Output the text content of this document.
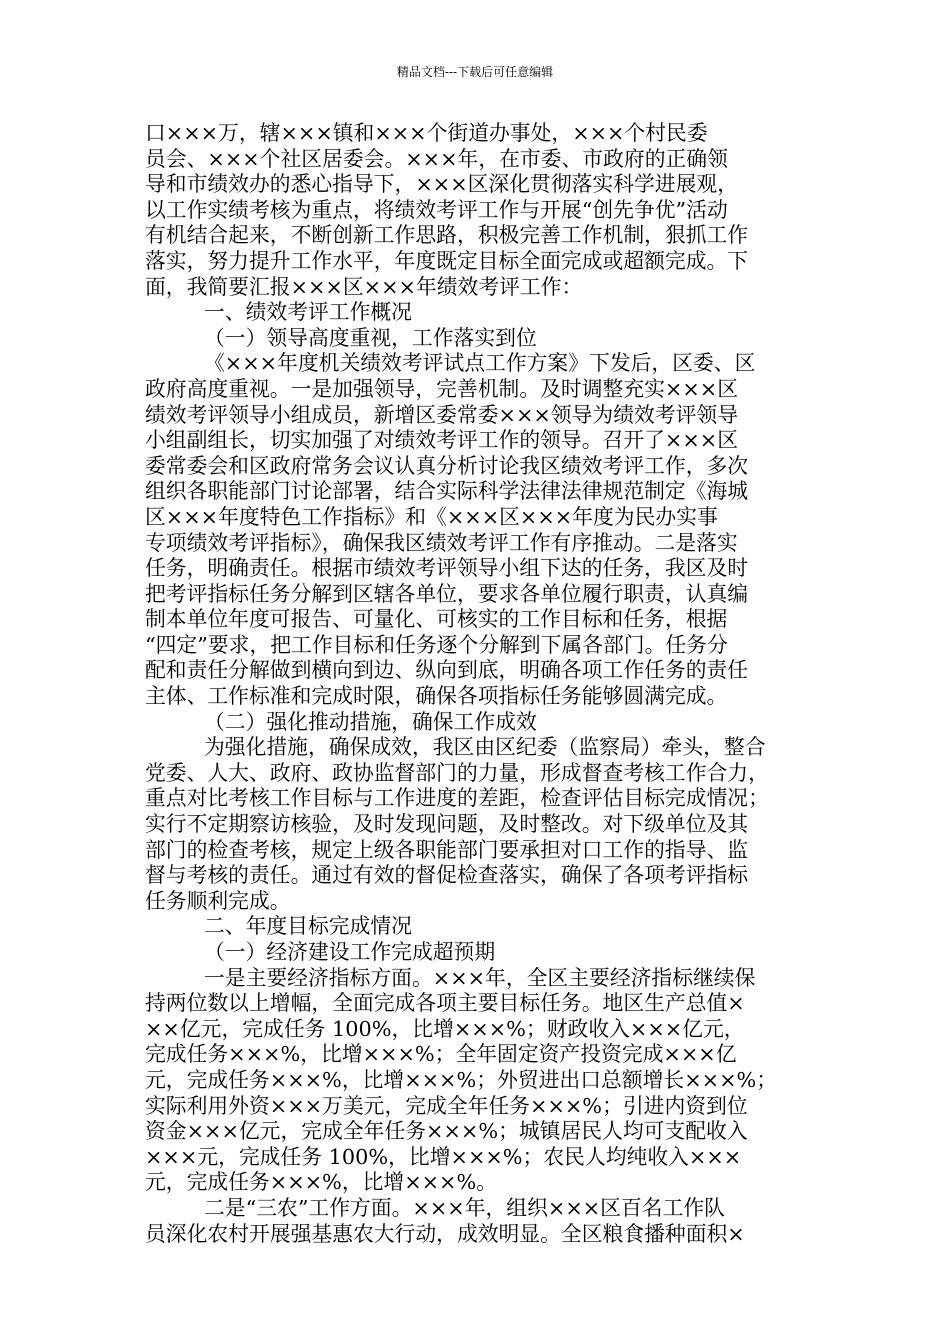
精品文档---下载后可任意编辑
口×××万，辖×××镇和×××个街道办事处，×××个村民委
员会、×××个社区居委会。×××年，在市委、市政府的正确领
导和市绩效办的悉心指导下，×××区深化贯彻落实科学进展观，
以工作实绩考核为重点，将绩效考评工作与开展“创先争优”活动
有机结合起来，不断创新工作思路，积极完善工作机制，狠抓工作
落实，努力提升工作水平，年度既定目标全面完成或超额完成。下
面，我简要汇报×××区×××年绩效考评工作：
一、绩效考评工作概况
（一）领导高度重视，工作落实到位
《×××年度机关绩效考评试点工作方案》下发后，区委、区
政府高度重视。一是加强领导，完善机制。及时调整充实×××区
绩效考评领导小组成员，新增区委常委×××领导为绩效考评领导
小组副组长，切实加强了对绩效考评工作的领导。召开了×××区
委常委会和区政府常务会议认真分析讨论我区绩效考评工作，多次
组织各职能部门讨论部署，结合实际科学法律法律规范制定《海城
区×××年度特色工作指标》和《×××区×××年度为民办实事
专项绩效考评指标》，确保我区绩效考评工作有序推动。二是落实
任务，明确责任。根据市绩效考评领导小组下达的任务，我区及时
把考评指标任务分解到区辖各单位，要求各单位履行职责，认真编
制本单位年度可报告、可量化、可核实的工作目标和任务，根据
“四定”要求，把工作目标和任务逐个分解到下属各部门。任务分
配和责任分解做到横向到边、纵向到底，明确各项工作任务的责任
主体、工作标准和完成时限，确保各项指标任务能够圆满完成。
（二）强化推动措施，确保工作成效
为强化措施，确保成效，我区由区纪委（监察局）牵头，整合
党委、人大、政府、政协监督部门的力量，形成督查考核工作合力，
重点对比考核工作目标与工作进度的差距，检查评估目标完成情况；
实行不定期察访核验，及时发现问题，及时整改。对下级单位及其
部门的检查考核，规定上级各职能部门要承担对口工作的指导、监
督与考核的责任。通过有效的督促检查落实，确保了各项考评指标
任务顺利完成。
二、年度目标完成情况
（一）经济建设工作完成超预期
一是主要经济指标方面。×××年，全区主要经济指标继续保
持两位数以上增幅，全面完成各项主要目标任务。地区生产总值×
××亿元，完成任务 100%，比增×××%；财政收入×××亿元，
完成任务×××%，比增×××%；全年固定资产投资完成×××亿
元，完成任务×××%，比增×××%；外贸进出口总额增长×××%；
实际利用外资×××万美元，完成全年任务×××%；引进内资到位
资金×××亿元，完成全年任务×××%；城镇居民人均可支配收入
×××元，完成任务 100%，比增×××%；农民人均纯收入×××
元，完成任务×××%，比增×××%。
二是“三农”工作方面。×××年，组织×××区百名工作队
员深化农村开展强基惠农大行动，成效明显。全区粮食播种面积×
